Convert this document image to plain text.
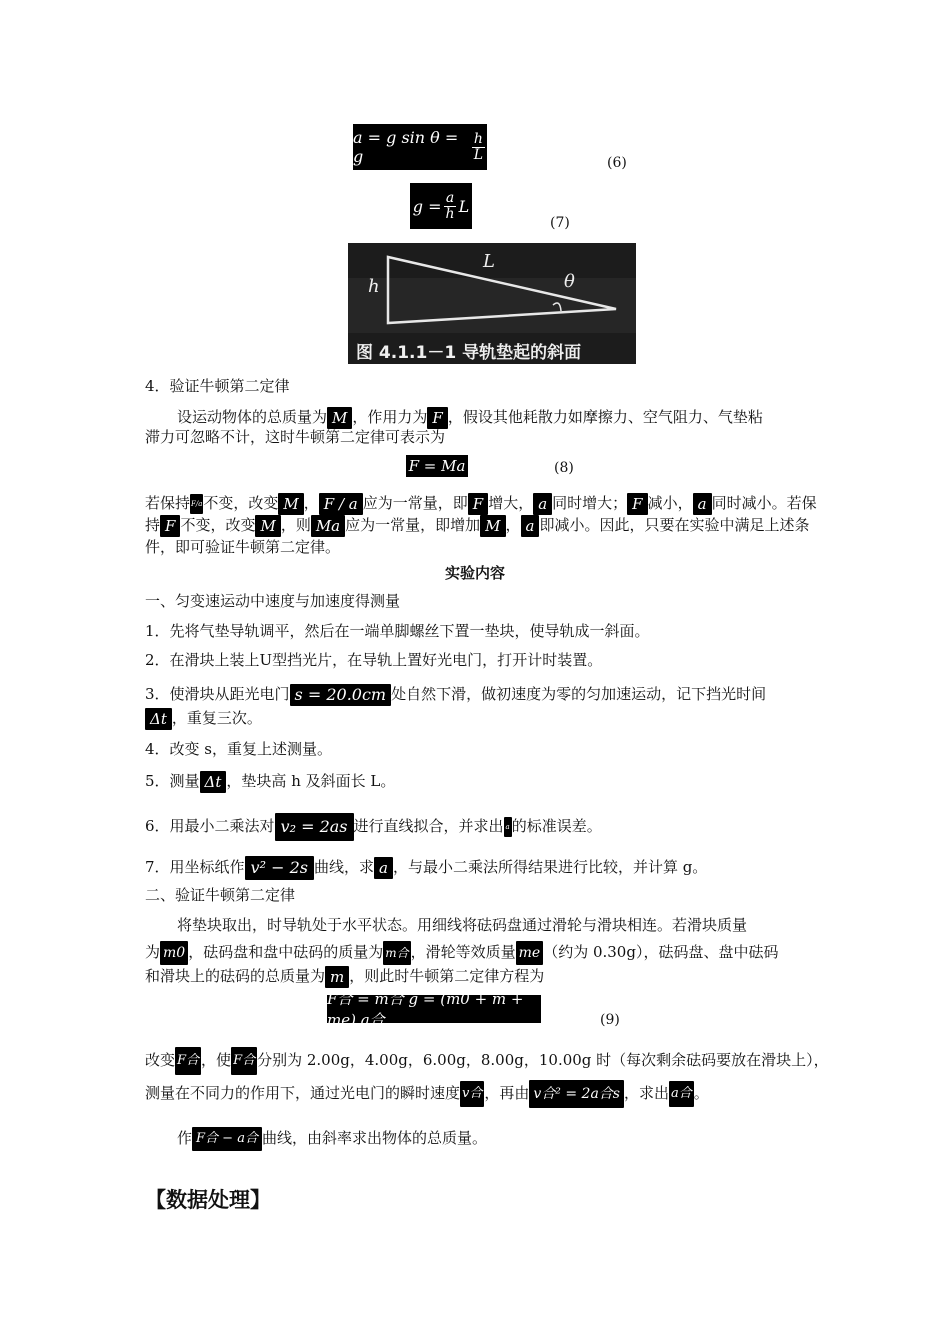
a = g sin θ = g	$\frac{h}{L}$
(6)
$g = \frac{a}{h}$ L
(7)
L
h	θ
图 4.1.1－1 导轨垫起的斜面
4．验证牛顿第二定律
设运动物体的总质量为 M ，作用力为 F ，假设其他耗散力如摩擦力、空气阻力、气垫粘
滞力可忽略不计，这时牛顿第二定律可表示为
F = Ma	(8)
若保持F/a不变，改变 M ， F / a 应为一常量，即 F 增大， a 同时增大； F 减小， a 同时减小。若保
持 F 不变，改变 M ，则 Ma 应为一常量，即增加 M ， a 即减小。因此，只要在实验中满足上述条
件，即可验证牛顿第二定律。
实验内容
一、匀变速运动中速度与加速度得测量
1．先将气垫导轨调平，然后在一端单脚螺丝下置一垫块，使导轨成一斜面。
2．在滑块上装上U型挡光片，在导轨上置好光电门，打开计时装置。
3．使滑块从距光电门 s = 20.0cm 处自然下滑，做初速度为零的匀加速运动，记下挡光时间
Δt ，重复三次。
4．改变 s，重复上述测量。
5．测量 Δt ，垫块高 h 及斜面长 L。
6．用最小二乘法对 v₂ = 2as 进行直线拟合，并求出 a 的标准误差。
7．用坐标纸作 v² − 2s 曲线，求 a ，与最小二乘法所得结果进行比较，并计算 g。
二、验证牛顿第二定律
将垫块取出，时导轨处于水平状态。用细线将砝码盘通过滑轮与滑块相连。若滑块质量
为 m0 ，砝码盘和盘中砝码的质量为 m合 ，滑轮等效质量 me （约为 0.30g），砝码盘、盘中砝码
和滑块上的砝码的总质量为 m ，则此时牛顿第二定律方程为
F合 = m合 g = (m0 + m + me) a合	(9)
改变 F合 ，使 F合 分别为 2.00g，4.00g，6.00g，8.00g，10.00g 时（每次剩余砝码要放在滑块上），
测量在不同力的作用下，通过光电门的瞬时速度 v合 ，再由 v合² = 2a合s ，求出 a合 。
作 F合 − a合 曲线，由斜率求出物体的总质量。
【数据处理】
